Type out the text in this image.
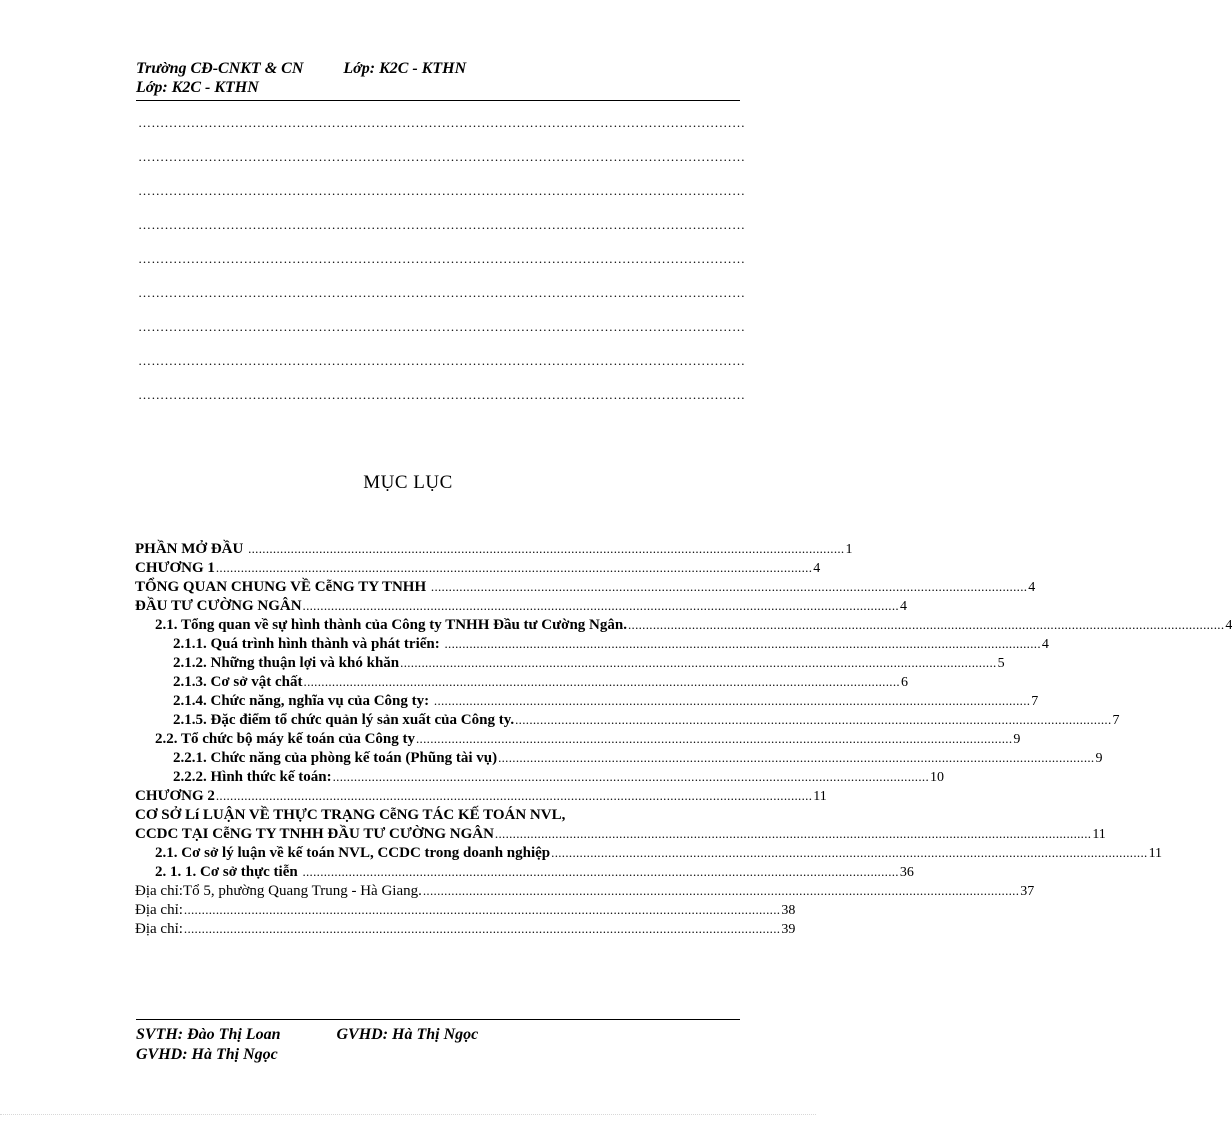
Trường CĐ-CNKT & CN	Lớp: K2C - KTHN
Lớp: K2C - KTHN
…………………………………………………………………………………………………………………………
…………………………………………………………………………………………………………………………
…………………………………………………………………………………………………………………………
…………………………………………………………………………………………………………………………
…………………………………………………………………………………………………………………………
…………………………………………………………………………………………………………………………
…………………………………………………………………………………………………………………………
…………………………………………………………………………………………………………………………
…………………………………………………………………………………………………………………………
MỤC LỤC
PHẦN MỞ ĐẦU ........................................................................................................................................................................ 1
CHƯƠNG 1 ........................................................................................................................................................................ 4
TỔNG QUAN CHUNG VỀ CễNG TY TNHH ........................................................................................................................................................................ 4
ĐẦU TƯ CƯỜNG NGÂN ........................................................................................................................................................................ 4
2.1. Tổng quan về sự hình thành của Công ty TNHH Đầu tư Cường Ngân. ........................................................................................................................................................................ 4
2.1.1. Quá trình hình thành và phát triển: ........................................................................................................................................................................ 4
2.1.2. Những thuận lợi và khó khăn ........................................................................................................................................................................ 5
2.1.3. Cơ sở vật chất ........................................................................................................................................................................ 6
2.1.4. Chức năng, nghĩa vụ của Công ty: ........................................................................................................................................................................ 7
2.1.5. Đặc điểm tổ chức quản lý sản xuất của Công ty. ........................................................................................................................................................................ 7
2.2. Tổ chức bộ máy kế toán của Công ty ........................................................................................................................................................................ 9
2.2.1. Chức năng của phòng kế toán (Phũng tài vụ) ........................................................................................................................................................................ 9
2.2.2. Hình thức kế toán: ........................................................................................................................................................................ 10
CHƯƠNG 2 ........................................................................................................................................................................ 11
CƠ SỞ Lí LUẬN VỀ THỰC TRẠNG CễNG TÁC KẾ TOÁN NVL,
CCDC TẠI CễNG TY TNHH ĐẦU TƯ CƯỜNG NGÂN ........................................................................................................................................................................ 11
2.1. Cơ sở lý luận về kế toán NVL, CCDC trong doanh nghiệp ........................................................................................................................................................................ 11
2. 1. 1. Cơ sở thực tiễn ........................................................................................................................................................................ 36
Địa chỉ: Tổ 5, phường Quang Trung - Hà Giang. ........................................................................................................................................................................ 37
Địa chỉ: ........................................................................................................................................................................ 38
Địa chỉ: ........................................................................................................................................................................ 39
SVTH: Đào Thị Loan	GVHD: Hà Thị Ngọc
GVHD: Hà Thị Ngọc
